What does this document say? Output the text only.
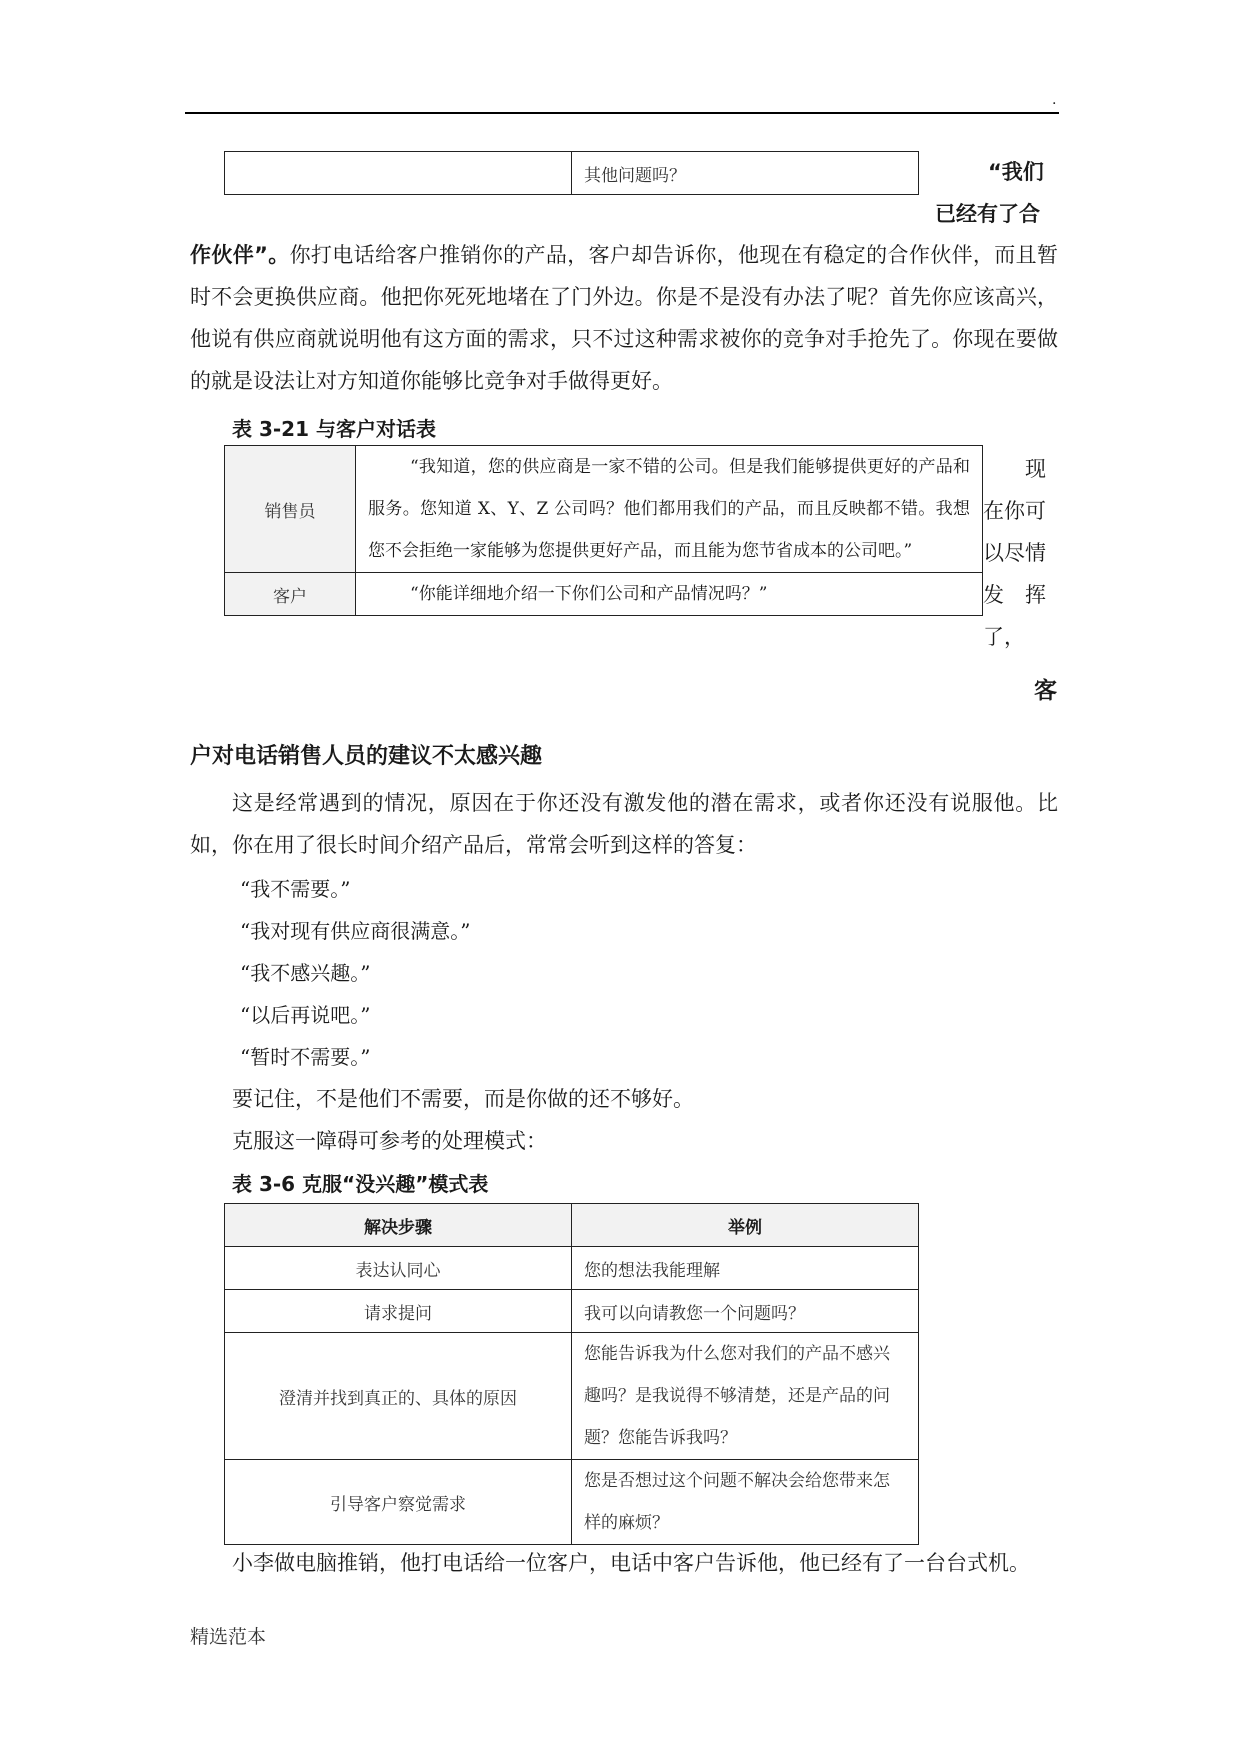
.
	其他问题吗？	“我们
已经有了合
作伙伴”。你打电话给客户推销你的产品，客户却告诉你，他现在有稳定的合作伙伴，而且暂时不会更换供应商。他把你死死地堵在了门外边。你是不是没有办法了呢？首先你应该高兴，他说有供应商就说明他有这方面的需求，只不过这种需求被你的竞争对手抢先了。你现在要做的就是设法让对方知道你能够比竞争对手做得更好。
表 3-21 与客户对话表
销售员	“我知道，您的供应商是一家不错的公司。但是我们能够提供更好的产品和服务。您知道 X、Y、Z 公司吗？他们都用我们的产品，而且反映都不错。我想您不会拒绝一家能够为您提供更好产品，而且能为您节省成本的公司吧。”
客户	“你能详细地介绍一下你们公司和产品情况吗？”
现
在你可
以尽情
发　挥
了，
客
户对电话销售人员的建议不太感兴趣
这是经常遇到的情况，原因在于你还没有激发他的潜在需求，或者你还没有说服他。比如，你在用了很长时间介绍产品后，常常会听到这样的答复：
“我不需要。”
“我对现有供应商很满意。”
“我不感兴趣。”
“以后再说吧。”
“暂时不需要。”
要记住，不是他们不需要，而是你做的还不够好。
克服这一障碍可参考的处理模式：
表 3-6 克服“没兴趣”模式表
解决步骤	举例
表达认同心	您的想法我能理解
请求提问	我可以向请教您一个问题吗？
澄清并找到真正的、具体的原因	您能告诉我为什么您对我们的产品不感兴趣吗？是我说得不够清楚，还是产品的问题？您能告诉我吗？
引导客户察觉需求	您是否想过这个问题不解决会给您带来怎样的麻烦？
小李做电脑推销，他打电话给一位客户，电话中客户告诉他，他已经有了一台台式机。
精选范本
